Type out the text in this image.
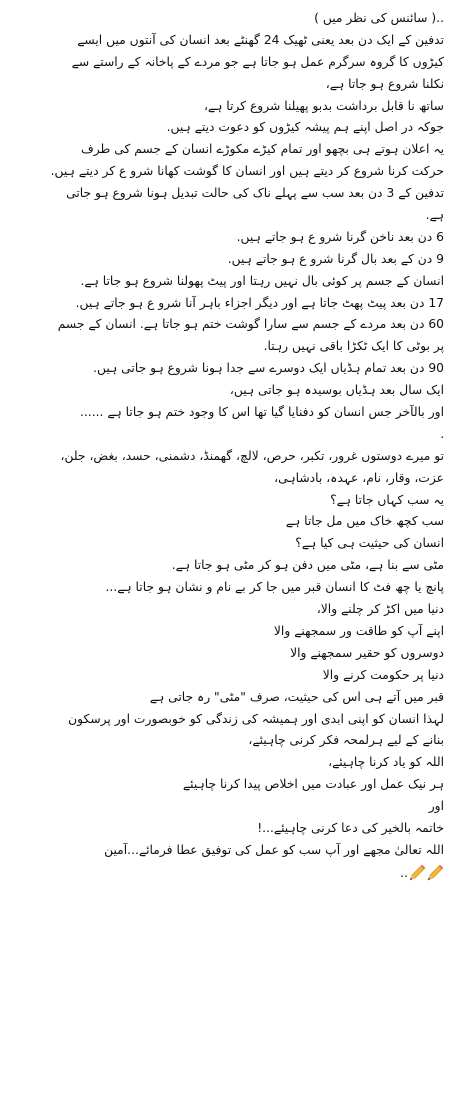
..( سائنس کی نظر میں )
تدفین کے ایک دن بعد یعنی ٹھیک 24 گھنٹے بعد انسان کی آنتوں میں ایسے
کیڑوں کا گروہ سرگرم عمل ہو جاتا ہے جو مردے کے پاخانہ کے راستے سے
نکلنا شروع ہو جاتا ہے،
ساتھ نا قابل برداشت بدبو پھیلنا شروع کرتا ہے،
جوکہ در اصل اپنے ہم پیشہ کیڑوں کو دعوت دیتے ہیں.
یہ اعلان ہوتے ہی بچھو اور تمام کیڑے مکوڑے انسان کے جسم کی طرف
حرکت کرنا شروع کر دیتے ہیں اور انسان کا گوشت کھانا شرو ع کر دیتے ہیں.
تدفین کے 3 دن بعد سب سے پہلے ناک کی حالت تبدیل ہونا شروع ہو جاتی
ہے.
6 دن بعد ناخن گرنا شرو ع ہو جاتے ہیں.
9 دن کے بعد بال گرنا شرو ع ہو جاتے ہیں.
انسان کے جسم پر کوئی بال نہیں رہتا اور پیٹ پھولنا شروع ہو جاتا ہے.
17 دن بعد پیٹ پھٹ جاتا ہے اور دیگر اجزاء باہر آنا شرو ع ہو جاتے ہیں.
60 دن بعد مردے کے جسم سے سارا گوشت ختم ہو جاتا ہے. انسان کے جسم
پر بوٹی کا ایک ٹکڑا باقی نہیں رہتا.
90 دن بعد تمام ہڈیاں ایک دوسرے سے جدا ہونا شروع ہو جاتی ہیں.
ایک سال بعد ہڈیاں بوسیدہ ہو جاتی ہیں،
اور بالآخر جس انسان کو دفنایا گیا تھا اس کا وجود ختم ہو جاتا ہے ......
.
تو میرے دوستوں غرور، تکبر، حرص، لالچ، گھمنڈ، دشمنی، حسد، بغض، جلن،
عزت، وقار، نام، عہدہ، بادشاہی،
یہ سب کہاں جاتا ہے؟
سب کچھ خاک میں مل جاتا ہے
انسان کی حیثیت ہی کیا ہے؟
مٹی سے بنا ہے، مٹی میں دفن ہو کر مٹی ہو جاتا ہے.
پانچ یا چھ فٹ کا انسان قبر میں جا کر بے نام و نشان ہو جاتا ہے...
دنیا میں اکڑ کر چلنے والا،
اپنے آپ کو طاقت ور سمجھنے والا
دوسروں کو حقیر سمجھنے والا
دنیا پر حکومت کرنے والا
قبر میں آتے ہی اس کی حیثیت، صرف "مٹی" رہ جاتی ہے
لہذا انسان کو اپنی ابدی اور ہمیشہ کی زندگی کو خوبصورت اور پرسکون
بنانے کے لیے ہرلمحہ فکر کرنی چاہیئے،
اللہ کو یاد کرنا چاہیئے،
ہر نیک عمل اور عبادت میں اخلاص پیدا کرنا چاہیئے
اور
خاتمہ بالخیر کی دعا کرنی چاہیئے...!
اللہ تعالیٰ مجھے اور آپ سب کو عمل کی توفیق عطا فرمائے...آمین
..
